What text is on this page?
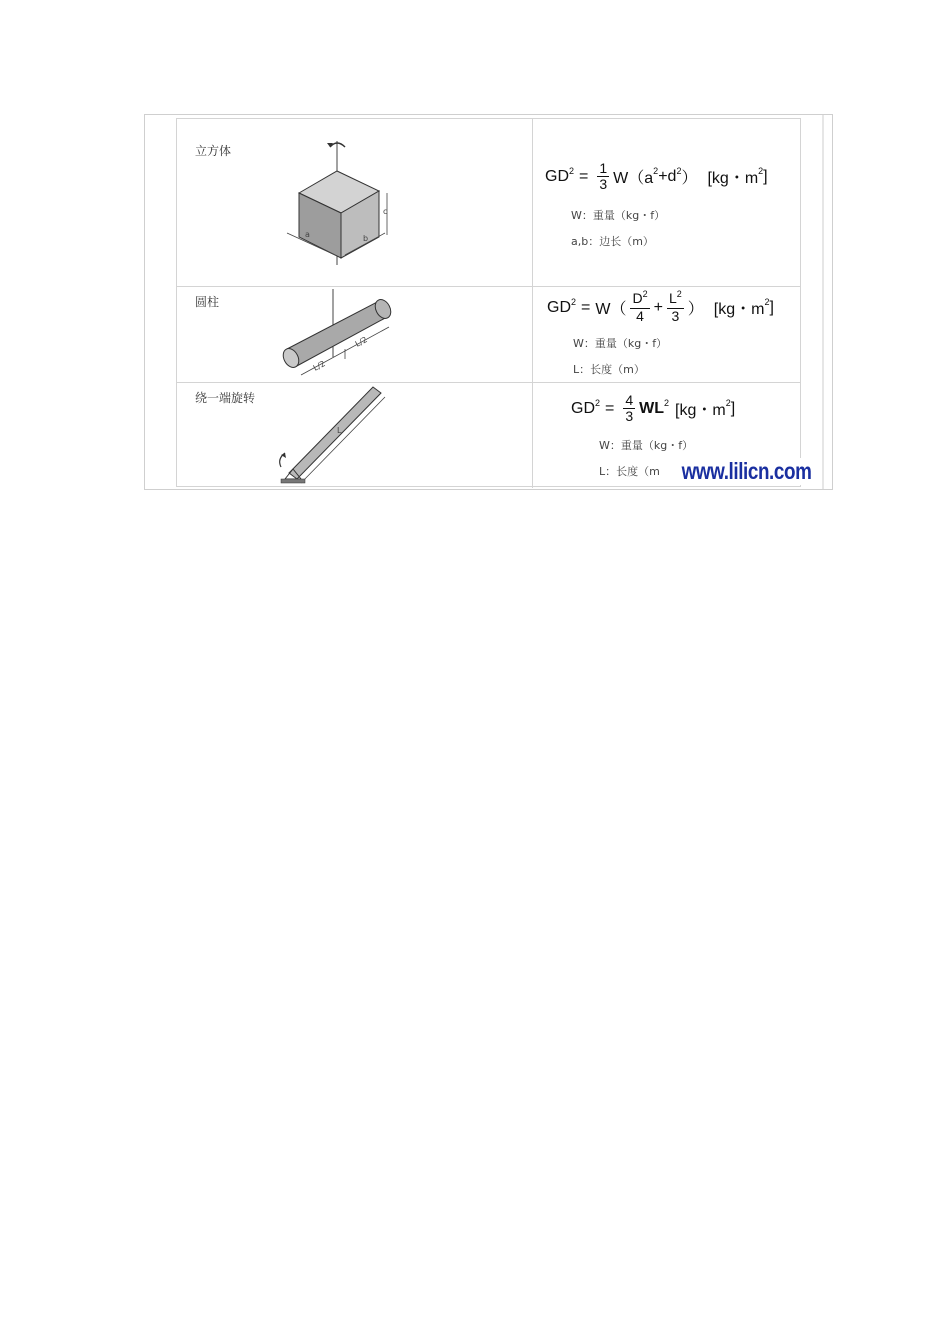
立方体
a	b
c
$GD^2 = \frac{1}{3} W(a^2 +d^2$ ） [kg・$m^2$ ]
W：重量（kg・f）
a,b：边长（m）
圆柱
L/2
L/2
$GD^2 = W( \frac{D^2}{4} + \frac{L^2}{3}$ ） [kg・$m^2$ ]
W：重量（kg・f）
L：长度（m）
绕一端旋转
L
$GD^2 = \frac{4}{3} WL^2$ [kg・$m^2$ ]
W：重量（kg・f）
L：长度（m www.lilicn.com
